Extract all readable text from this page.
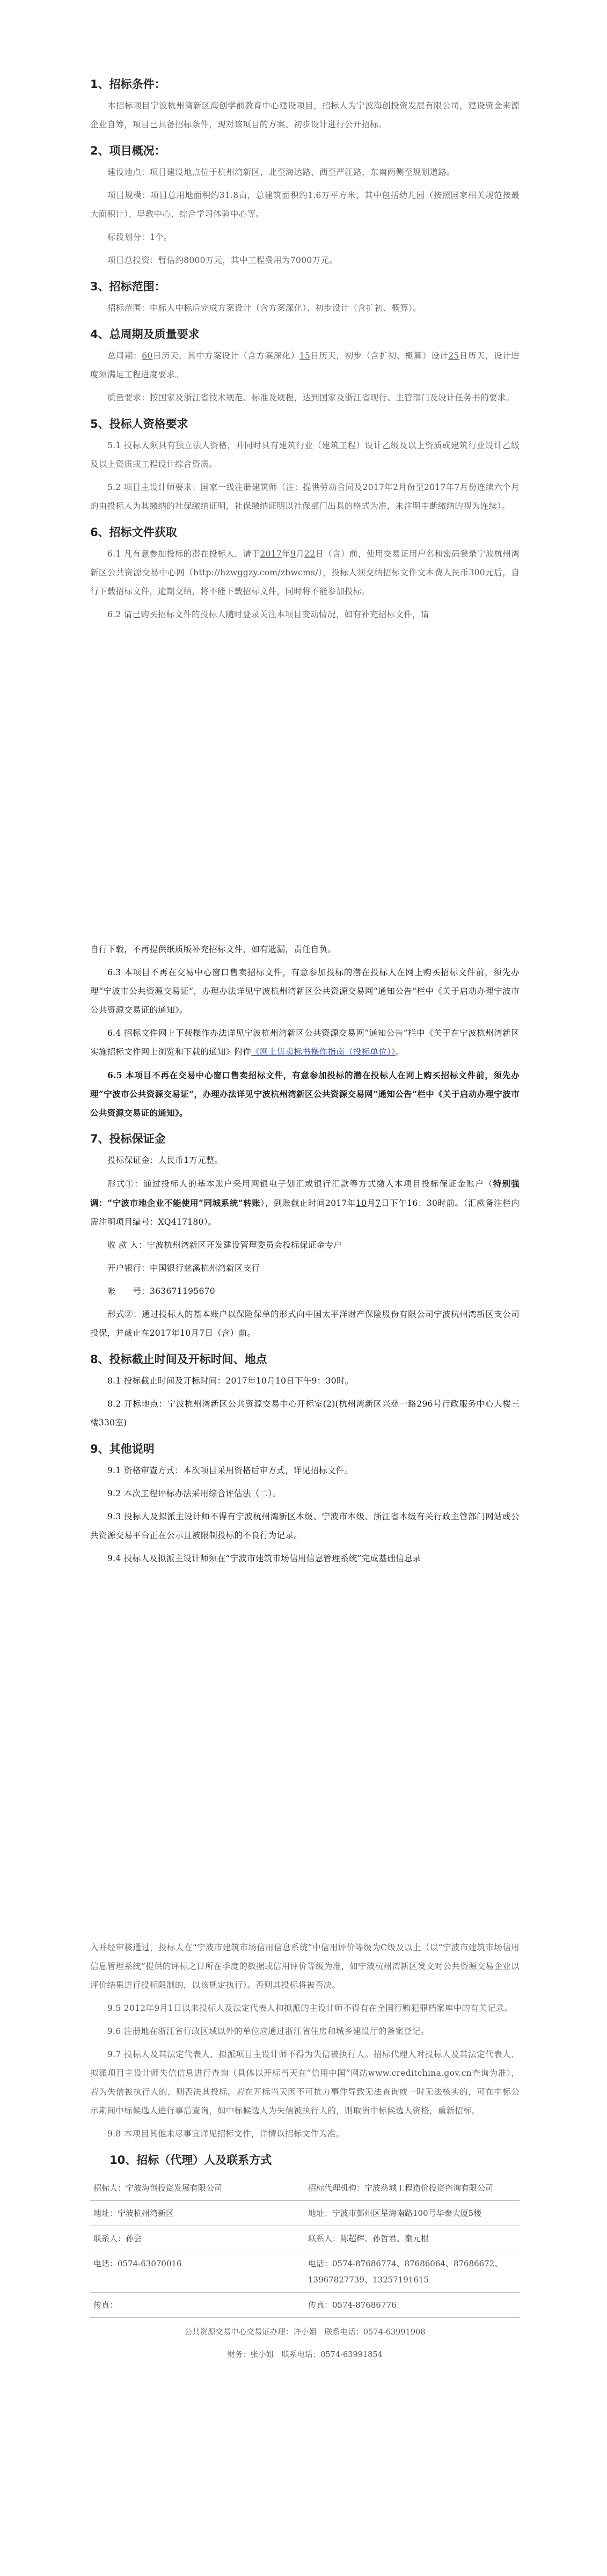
1、招标条件：

本招标项目宁波杭州湾新区海创学前教育中心建设项目，招标人为宁波海创投资发展有限公司，建设资金来源企业自筹，项目已具备招标条件，现对该项目的方案、初步设计进行公开招标。

2、项目概况：

建设地点：项目建设地点位于杭州湾新区，北至海达路，西至严江路，东南两侧至规划道路。

项目规模：项目总用地面积约31.8亩，总建筑面积约1.6万平方米，其中包括幼儿园（按照国家相关规范按最大面积计）、早教中心、综合学习体验中心等。

标段划分：1个。

项目总投资：暂估约8000万元，其中工程费用为7000万元。

3、招标范围：

招标范围：中标人中标后完成方案设计（含方案深化）、初步设计（含扩初、概算）。

4、总周期及质量要求

总周期：60日历天，其中方案设计（含方案深化）15日历天，初步（含扩初、概算）设计25日历天，设计进度须满足工程进度要求。

质量要求：按国家及浙江省技术规范、标准及规程，达到国家及浙江省现行、主管部门及设计任务书的要求。

5、投标人资格要求

5.1 投标人须具有独立法人资格，并同时具有建筑行业（建筑工程）设计乙级及以上资质或建筑行业设计乙级及以上资质或工程设计综合资质。

5.2 项目主设计师要求：国家一级注册建筑师（注：提供劳动合同及2017年2月份至2017年7月份连续六个月的由投标人为其缴纳的社保缴纳证明，社保缴纳证明以社保部门出具的格式为准，未注明中断缴纳的视为连续）。

6、招标文件获取

6.1 凡有意参加投标的潜在投标人，请于2017年9月22日（含）前，使用交易证用户名和密码登录宁波杭州湾新区公共资源交易中心网（http://hzwggzy.com/zbwcms/），投标人须交纳招标文件文本费人民币300元后，自行下载招标文件，逾期交纳，将不能下载招标文件，同时将不能参加投标。

6.2 请已购买招标文件的投标人随时登录关注本项目变动情况，如有补充招标文件，请

自行下载，不再提供纸质版补充招标文件，如有遗漏，责任自负。

6.3 本项目不再在交易中心窗口售卖招标文件，有意参加投标的潜在投标人在网上购买招标文件前，须先办理“宁波市公共资源交易证”，办理办法详见宁波杭州湾新区公共资源交易网“通知公告”栏中《关于启动办理宁波市公共资源交易证的通知》。

6.4 招标文件网上下载操作办法详见宁波杭州湾新区公共资源交易网“通知公告”栏中《关于在宁波杭州湾新区实施招标文件网上浏览和下载的通知》附件《网上售卖标书操作指南（投标单位）》。

6.5 本项目不再在交易中心窗口售卖招标文件，有意参加投标的潜在投标人在网上购买招标文件前，须先办理“宁波市公共资源交易证”，办理办法详见宁波杭州湾新区公共资源交易网“通知公告”栏中《关于启动办理宁波市公共资源交易证的通知》。

7、投标保证金

投标保证金：人民币1万元整。

形式①：通过投标人的基本账户采用网银电子划汇或银行汇款等方式缴入本项目投标保证金账户（特别强调：“宁波市地企业不能使用“同城系统”转账），到账截止时间2017年10月7日下午16：30时前。（汇款备注栏内需注明项目编号：XQ417180）。

收 款 人：宁波杭州湾新区开发建设管理委员会投标保证金专户

开户银行：中国银行慈溪杭州湾新区支行

帐　　号：363671195670

形式②：通过投标人的基本账户以保险保单的形式向中国太平洋财产保险股份有限公司宁波杭州湾新区支公司投保，并截止在2017年10月7日（含）前。

8、投标截止时间及开标时间、地点

8.1 投标截止时间及开标时间：2017年10月10日下午9：30时。

8.2 开标地点：宁波杭州湾新区公共资源交易中心开标室(2)(杭州湾新区兴慈一路296号行政服务中心大楼三楼330室)

9、其他说明

9.1 资格审查方式：本次项目采用资格后审方式，详见招标文件。

9.2 本次工程评标办法采用综合评估法（二）。

9.3 投标人及拟派主设计师不得有宁波杭州湾新区本级、宁波市本级、浙江省本级有关行政主管部门网站或公共资源交易平台正在公示且被限制投标的不良行为记录。

9.4 投标人及拟派主设计师须在“宁波市建筑市场信用信息管理系统”完成基础信息录

入并经审核通过，投标人在“宁波市建筑市场信用信息系统”中信用评价等级为C级及以上（以“宁波市建筑市场信用信息管理系统”提供的评标之日所在季度的数据或信用评价等级为准，如宁波杭州湾新区发文对公共资源交易企业以评价结果进行投标限制的，以该规定执行）。否则其投标将被否决。

9.5 2012年9月1日以来投标人及法定代表人和拟派的主设计师不得有在全国行贿犯罪档案库中的有关记录。

9.6 注册地在浙江省行政区域以外的单位应通过浙江省住房和城乡建设厅的备案登记。

9.7 投标人及其法定代表人、拟派项目主设计师不得为失信被执行人。招标代理人对投标人及其法定代表人、拟派项目主设计师失信信息进行查询（具体以开标当天在“信用中国”网站www.creditchina.gov.cn查询为准），若为失信被执行人的，则否决其投标。若在开标当天因不可抗力事件导致无法查询或一时无法核实的，可在中标公示期间中标候选人进行事后查询，如中标候选人为失信被执行人的，则取消中标候选人资格，重新招标。

9.8 本项目其他未尽事宜详见招标文件，详情以招标文件为准。

10、招标（代理）人及联系方式
招标人：宁波海创投资发展有限公司	招标代理机构：宁波慈城工程造价投资咨询有限公司
地址：宁波杭州湾新区	地址：宁波市鄞州区星海南路100号华泰大厦5楼
联系人：孙会	联系人：陈超辉、孙哲君、秦元根
电话：0574-63070016	电话：0574-87686774、87686064、87686672、13967827739、13257191615
传真：	传真：0574-87686776
公共资源交易中心交易证办理：许小姐　联系电话：0574-63991908
财务：张小姐　联系电话：0574-63991854
